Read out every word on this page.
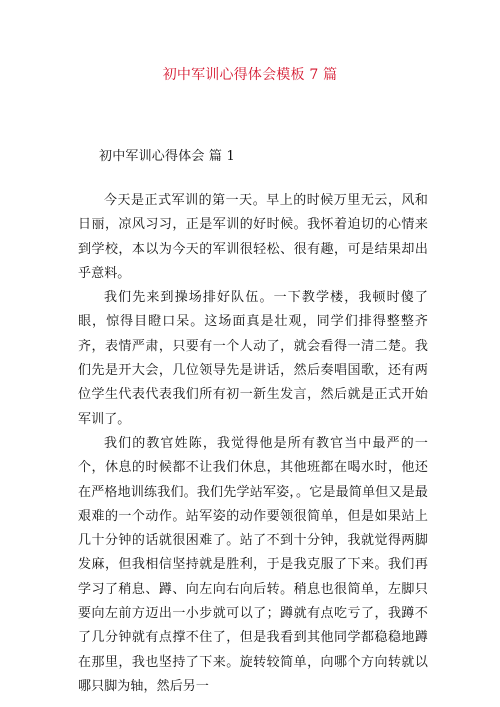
初中军训心得体会模板 7 篇
初中军训心得体会 篇 1

今天是正式军训的第一天。早上的时候万里无云，风和日丽，凉风习习，正是军训的好时候。我怀着迫切的心情来到学校，本以为今天的军训很轻松、很有趣，可是结果却出乎意料。

我们先来到操场排好队伍。一下教学楼，我顿时傻了眼，惊得目瞪口呆。这场面真是壮观，同学们排得整整齐齐，表情严肃，只要有一个人动了，就会看得一清二楚。我们先是开大会，几位领导先是讲话，然后奏唱国歌，还有两位学生代表代表我们所有初一新生发言，然后就是正式开始军训了。

我们的教官姓陈，我觉得他是所有教官当中最严的一个，休息的时候都不让我们休息，其他班都在喝水时，他还在严格地训练我们。我们先学站军姿，。它是最简单但又是最艰难的一个动作。站军姿的动作要领很简单，但是如果站上几十分钟的话就很困难了。站了不到十分钟，我就觉得两脚发麻，但我相信坚持就是胜利，于是我克服了下来。我们再学习了稍息、蹲、向左向右向后转。稍息也很简单，左脚只要向左前方迈出一小步就可以了；蹲就有点吃亏了，我蹲不了几分钟就有点撑不住了，但是我看到其他同学都稳稳地蹲在那里，我也坚持了下来。旋转较简单，向哪个方向转就以哪只脚为轴，然后另一
